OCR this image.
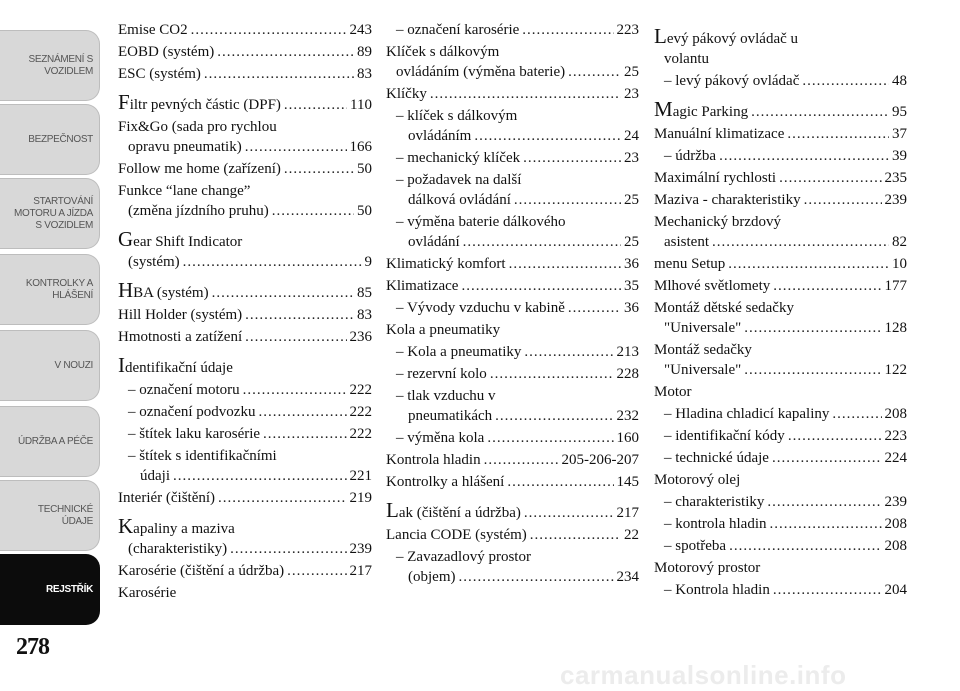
SEZNÁMENÍ S
VOZIDLEM
BEZPEČNOST
STARTOVÁNÍ
MOTORU A JÍZDA
S VOZIDLEM
KONTROLKY A
HLÁŠENÍ
V NOUZI
ÚDRŽBA A PÉČE
TECHNICKÉ
ÚDAJE
REJSTŘÍK
278
Emise CO2 .....	243
EOBD (systém) .....	89
ESC (systém) .....	83
Filtr pevných částic (DPF) .....	110
Fix&Go (sada pro rychlou
opravu pneumatik) .....	166
Follow me home (zařízení) .....	50
Funkce “lane change”
(změna jízdního pruhu) .....	50
Gear Shift Indicator
(systém) .....	9
HBA (systém) .....	85
Hill Holder (systém) .....	83
Hmotnosti a zatížení .....	236
Identifikační údaje
– označení motoru .....	222
– označení podvozku .....	222
– štítek laku karosérie .....	222
– štítek s identifikačními
údaji .....	221
Interiér (čištění) .....	219
Kapaliny a maziva
(charakteristiky) .....	239
Karosérie (čištění a údržba) .....	217
Karosérie
– označení karosérie .....	223
Klíček s dálkovým
ovládáním (výměna baterie) .....	25
Klíčky .....	23
– klíček s dálkovým
ovládáním .....	24
– mechanický klíček .....	23
– požadavek na další
dálková ovládání .....	25
– výměna baterie dálkového
ovládání .....	25
Klimatický komfort .....	36
Klimatizace .....	35
– Vývody vzduchu v kabině .....	36
Kola a pneumatiky
– Kola a pneumatiky .....	213
– rezervní kolo .....	228
– tlak vzduchu v
pneumatikách .....	232
– výměna kola .....	160
Kontrola hladin .....	205-206-207
Kontrolky a hlášení .....	145
Lak (čištění a údržba) .....	217
Lancia CODE (systém) .....	22
– Zavazadlový prostor
(objem) .....	234
Levý pákový ovládač u
volantu
– levý pákový ovládač .....	48
Magic Parking .....	95
Manuální klimatizace .....	37
– údržba .....	39
Maximální rychlosti .....	235
Maziva - charakteristiky .....	239
Mechanický brzdový
asistent .....	82
menu Setup .....	10
Mlhové světlomety .....	177
Montáž dětské sedačky
"Universale" .....	128
Montáž sedačky
"Universale" .....	122
Motor
– Hladina chladicí kapaliny .....	208
– identifikační kódy .....	223
– technické údaje .....	224
Motorový olej
– charakteristiky .....	239
– kontrola hladin .....	208
– spotřeba .....	208
Motorový prostor
– Kontrola hladin .....	204
carmanualsonline.info
